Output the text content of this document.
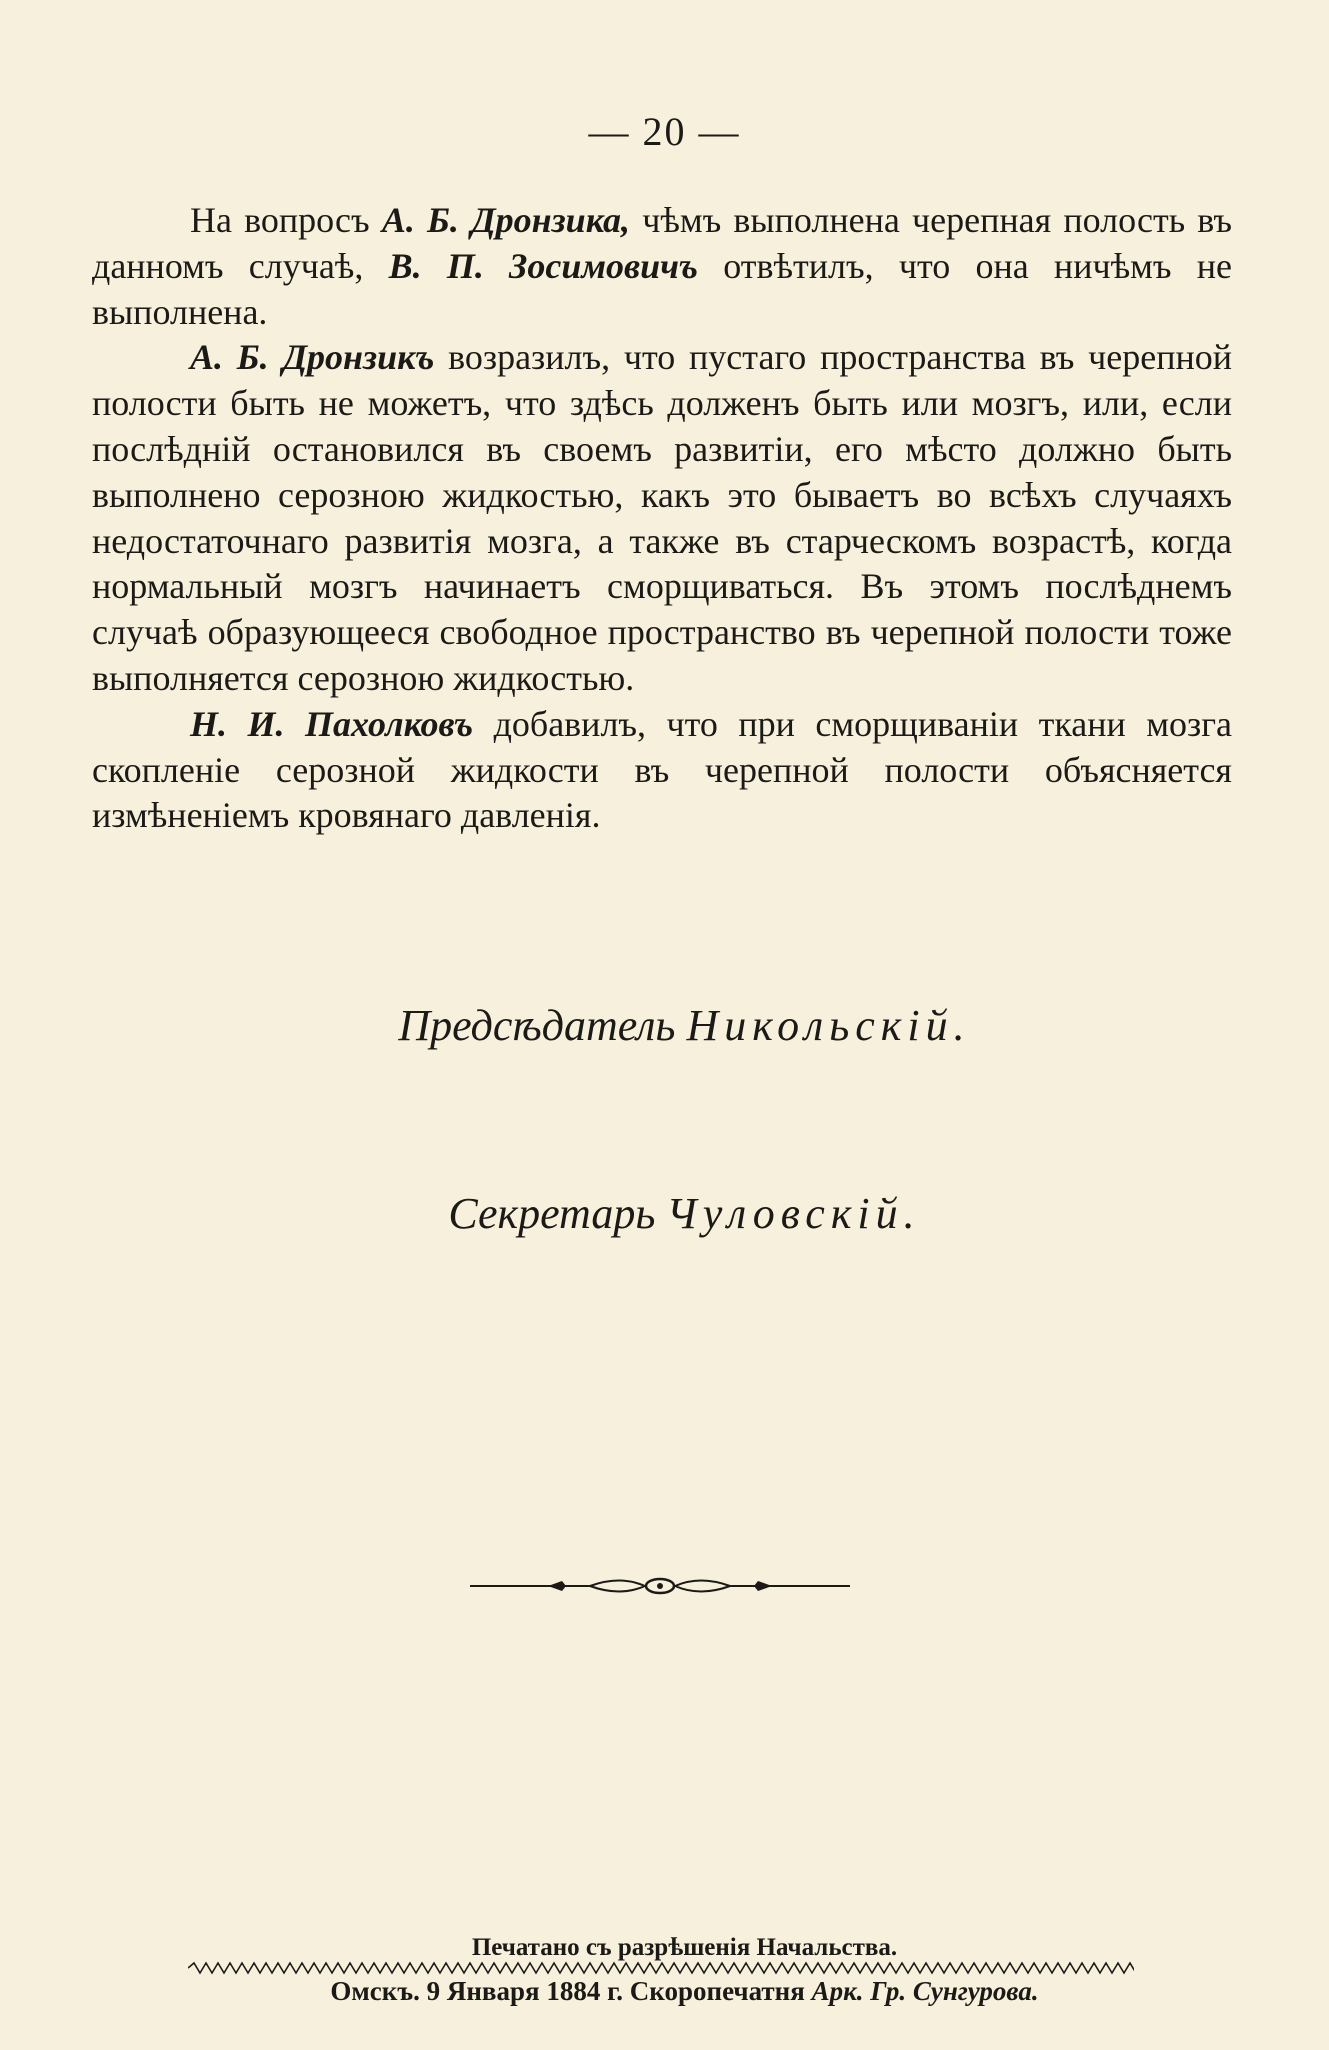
— 20 —

На вопросъ А. Б. Дронзика, чѣмъ выполнена черепная полость въ данномъ случаѣ, В. П. Зосимовичъ отвѣтилъ, что она ничѣмъ не выполнена.

А. Б. Дронзикъ возразилъ, что пустаго пространства въ черепной полости быть не можетъ, что здѣсь долженъ быть или мозгъ, или, если послѣднiй остановился въ своемъ развитiи, его мѣсто должно быть выполнено серозною жидкостью, какъ это бываетъ во всѣхъ случаяхъ недостаточнаго развитiя мозга, а также въ старческомъ возрастѣ, когда нормальный мозгъ начинаетъ сморщиваться. Въ этомъ послѣднемъ случаѣ образующееся свободное пространство въ черепной полости тоже выполняется серозною жидкостью.

Н. И. Пахолковъ добавилъ, что при сморщиванiи ткани мозга скопленiе серозной жидкости въ черепной полости объясняется измѣненiемъ кровянаго давленiя.

Предсѣдатель Никольскiй.
Секретарь Чуловскiй.
Печатано съ разрѣшенiя Начальства.
Омскъ. 9 Января 1884 г. Скоропечатня Арк. Гр. Сунгурова.
